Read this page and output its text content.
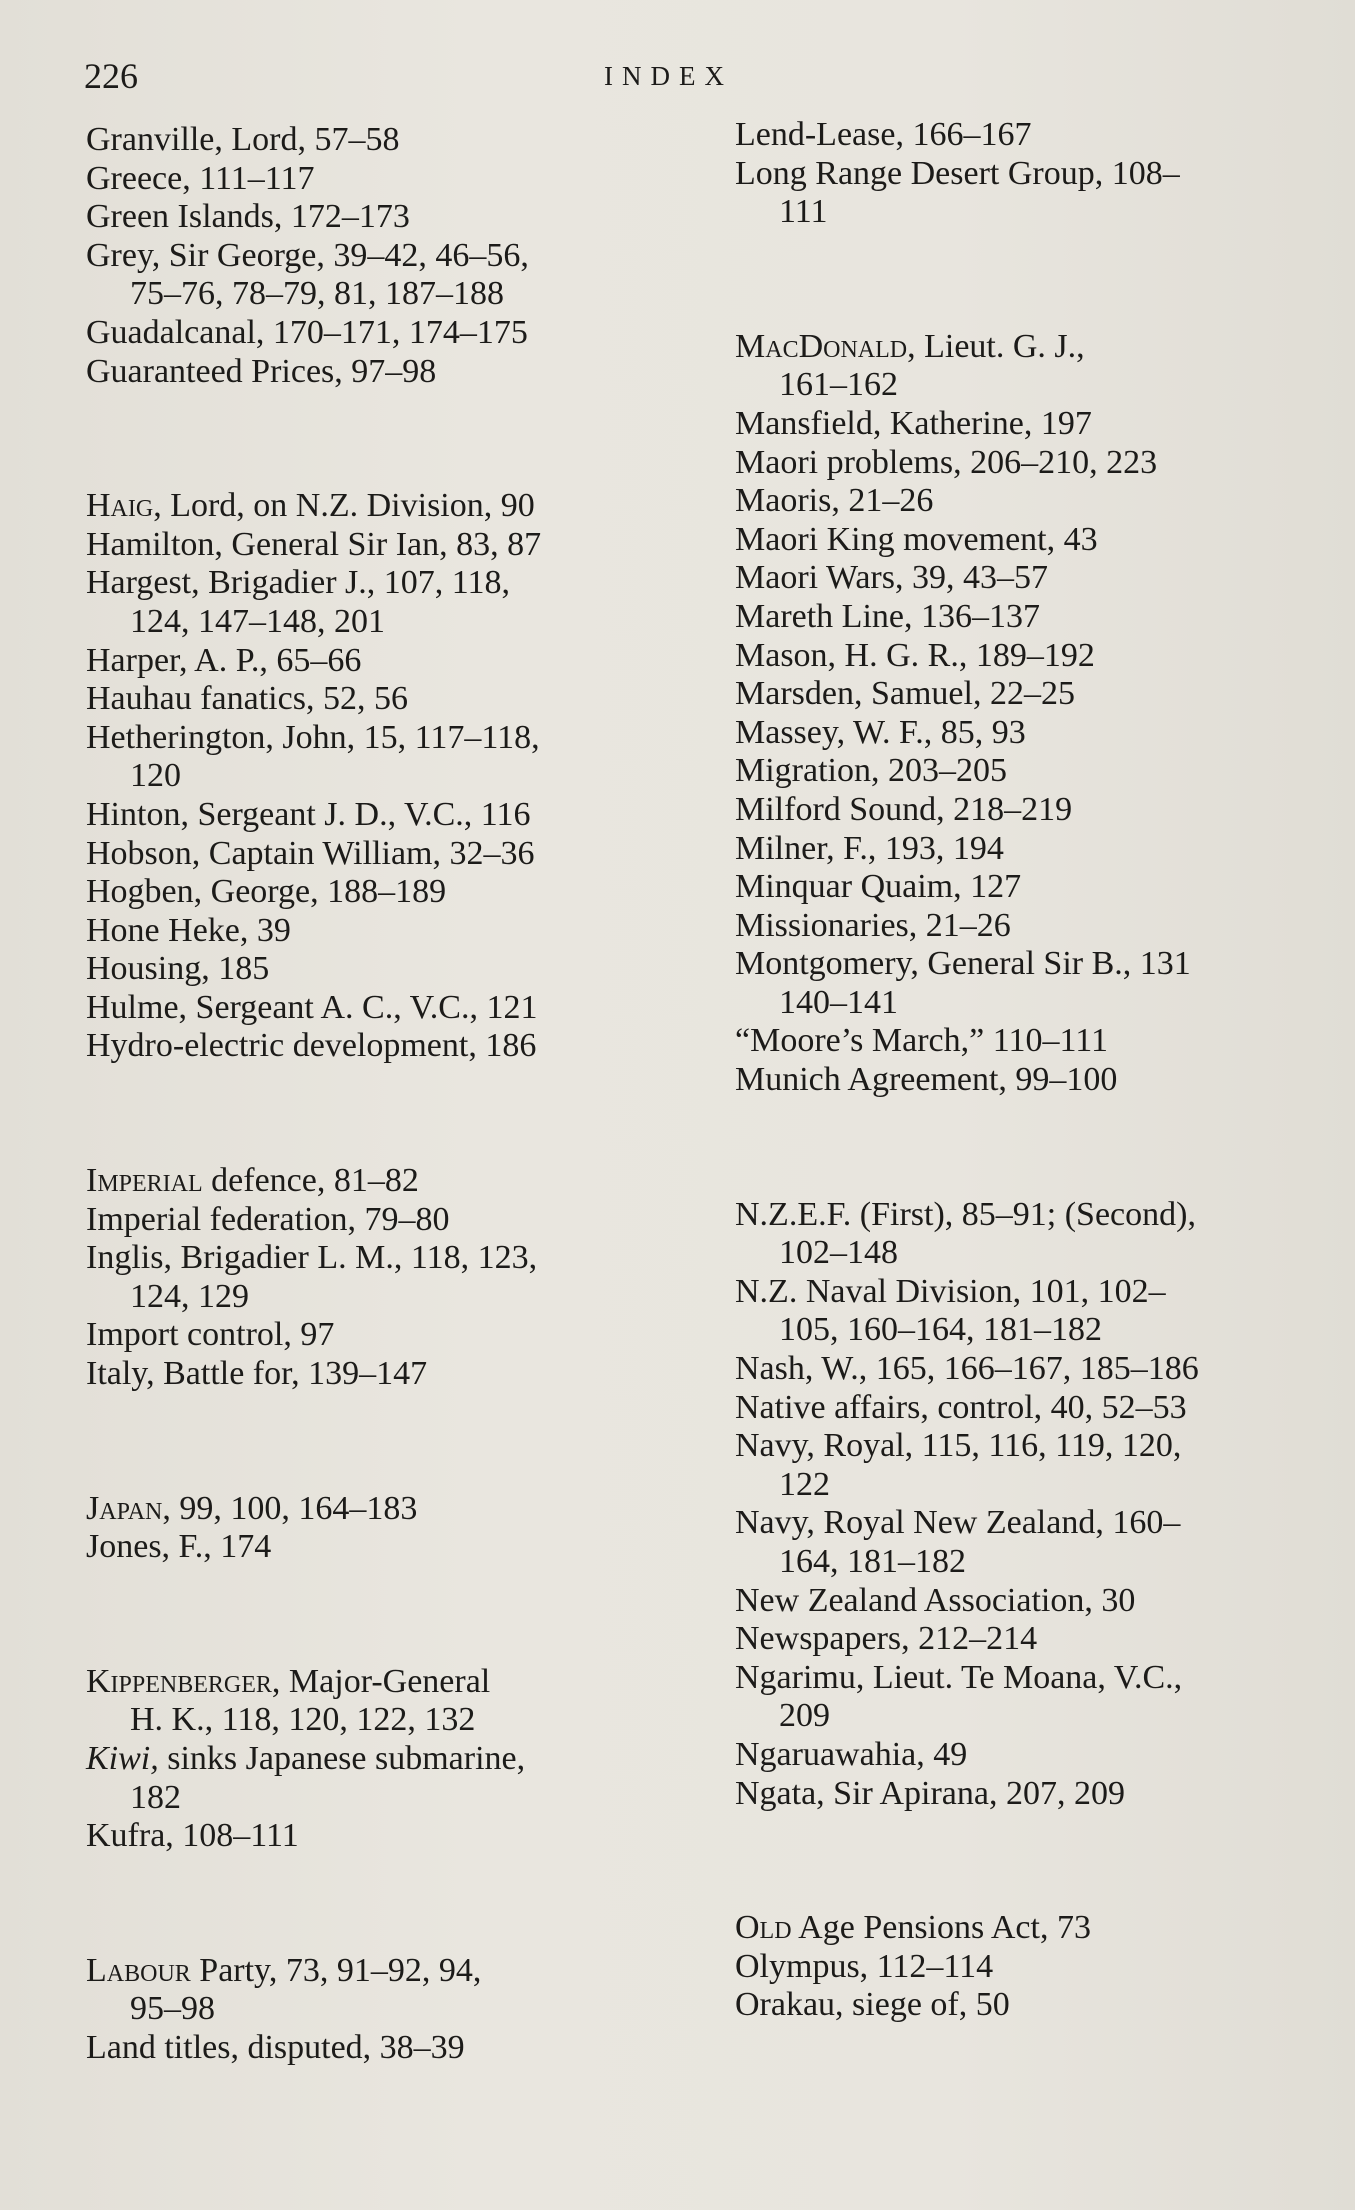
226	INDEX
Granville, Lord, 57–58
Greece, 111–117
Green Islands, 172–173
Grey, Sir George, 39–42, 46–56,
75–76, 78–79, 81, 187–188
Guadalcanal, 170–171, 174–175
Guaranteed Prices, 97–98
Haig, Lord, on N.Z. Division, 90
Hamilton, General Sir Ian, 83, 87
Hargest, Brigadier J., 107, 118,
124, 147–148, 201
Harper, A. P., 65–66
Hauhau fanatics, 52, 56
Hetherington, John, 15, 117–118,
120
Hinton, Sergeant J. D., V.C., 116
Hobson, Captain William, 32–36
Hogben, George, 188–189
Hone Heke, 39
Housing, 185
Hulme, Sergeant A. C., V.C., 121
Hydro-electric development, 186
Imperial defence, 81–82
Imperial federation, 79–80
Inglis, Brigadier L. M., 118, 123,
124, 129
Import control, 97
Italy, Battle for, 139–147
Japan, 99, 100, 164–183
Jones, F., 174
Kippenberger, Major-General
H. K., 118, 120, 122, 132
Kiwi, sinks Japanese submarine,
182
Kufra, 108–111
Labour Party, 73, 91–92, 94,
95–98
Land titles, disputed, 38–39
Lend-Lease, 166–167
Long Range Desert Group, 108–
111
MacDonald, Lieut. G. J.,
161–162
Mansfield, Katherine, 197
Maori problems, 206–210, 223
Maoris, 21–26
Maori King movement, 43
Maori Wars, 39, 43–57
Mareth Line, 136–137
Mason, H. G. R., 189–192
Marsden, Samuel, 22–25
Massey, W. F., 85, 93
Migration, 203–205
Milford Sound, 218–219
Milner, F., 193, 194
Minquar Quaim, 127
Missionaries, 21–26
Montgomery, General Sir B., 131
140–141
“Moore’s March,” 110–111
Munich Agreement, 99–100
N.Z.E.F. (First), 85–91; (Second),
102–148
N.Z. Naval Division, 101, 102–
105, 160–164, 181–182
Nash, W., 165, 166–167, 185–186
Native affairs, control, 40, 52–53
Navy, Royal, 115, 116, 119, 120,
122
Navy, Royal New Zealand, 160–
164, 181–182
New Zealand Association, 30
Newspapers, 212–214
Ngarimu, Lieut. Te Moana, V.C.,
209
Ngaruawahia, 49
Ngata, Sir Apirana, 207, 209
Old Age Pensions Act, 73
Olympus, 112–114
Orakau, siege of, 50
